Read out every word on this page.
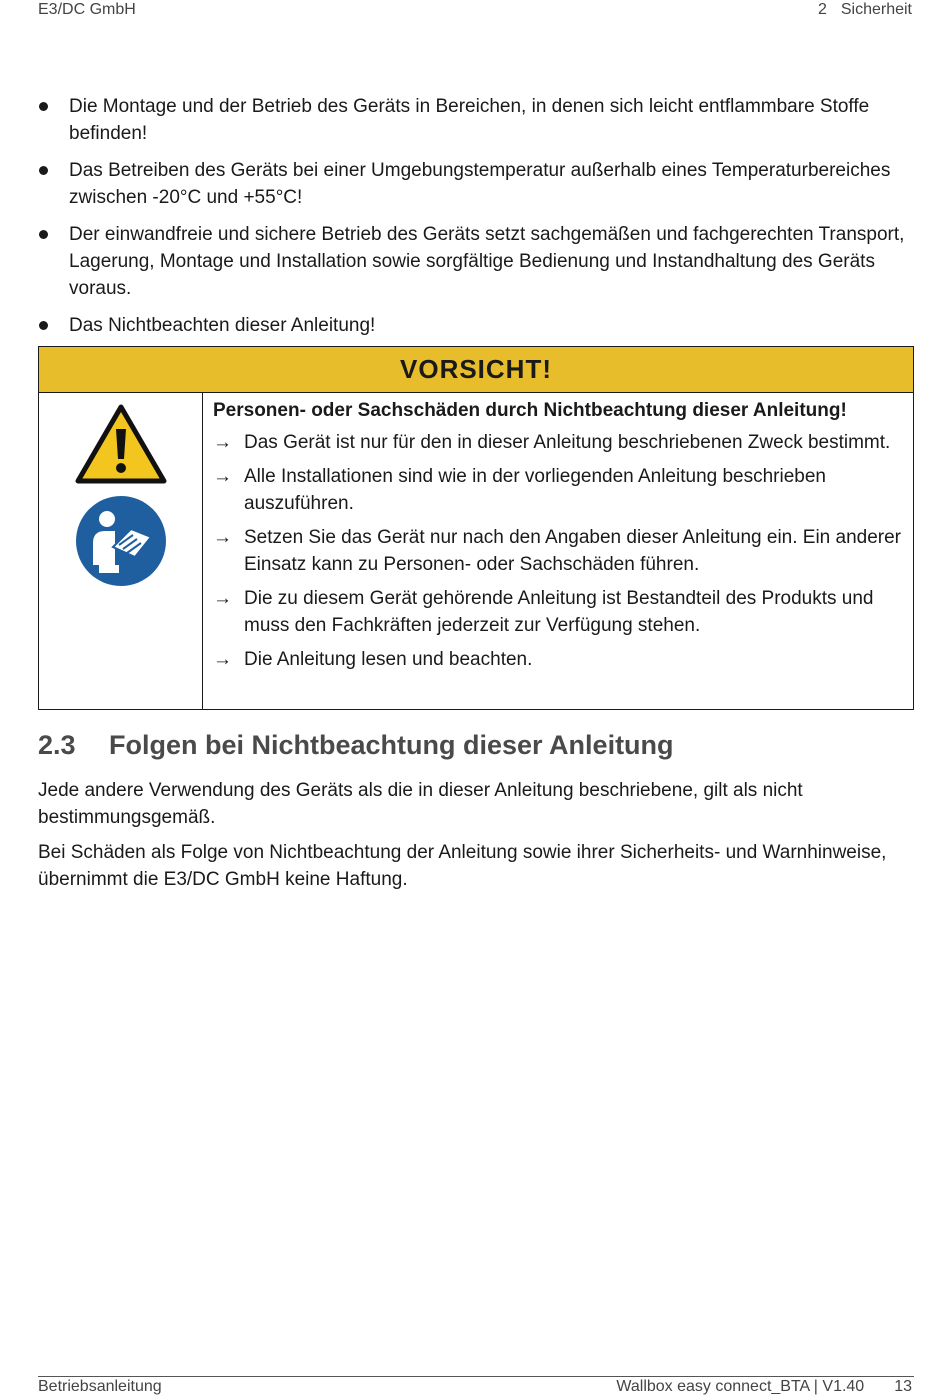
E3/DC GmbH	2 Sicherheit
Die Montage und der Betrieb des Geräts in Bereichen, in denen sich leicht entflammbare Stoffe befinden!
Das Betreiben des Geräts bei einer Umgebungstemperatur außerhalb eines Temperaturbereiches zwischen -20°C und +55°C!
Der einwandfreie und sichere Betrieb des Geräts setzt sachgemäßen und fachgerechten Transport, Lagerung, Montage und Installation sowie sorgfältige Bedienung und Instandhaltung des Geräts voraus.
Das Nichtbeachten dieser Anleitung!
VORSICHT!

Personen- oder Sachschäden durch Nichtbeachtung dieser Anleitung!

→ Das Gerät ist nur für den in dieser Anleitung beschriebenen Zweck bestimmt.
→ Alle Installationen sind wie in der vorliegenden Anleitung beschrieben auszuführen.
→ Setzen Sie das Gerät nur nach den Angaben dieser Anleitung ein. Ein anderer Einsatz kann zu Personen- oder Sachschäden führen.
→ Die zu diesem Gerät gehörende Anleitung ist Bestandteil des Produkts und muss den Fachkräften jederzeit zur Verfügung stehen.
→ Die Anleitung lesen und beachten.
2.3 Folgen bei Nichtbeachtung dieser Anleitung

Jede andere Verwendung des Geräts als die in dieser Anleitung beschriebene, gilt als nicht bestimmungsgemäß.

Bei Schäden als Folge von Nichtbeachtung der Anleitung sowie ihrer Sicherheits- und Warnhinweise, übernimmt die E3/DC GmbH keine Haftung.

Betriebsanleitung	Wallbox easy connect_BTA | V1.40 13
